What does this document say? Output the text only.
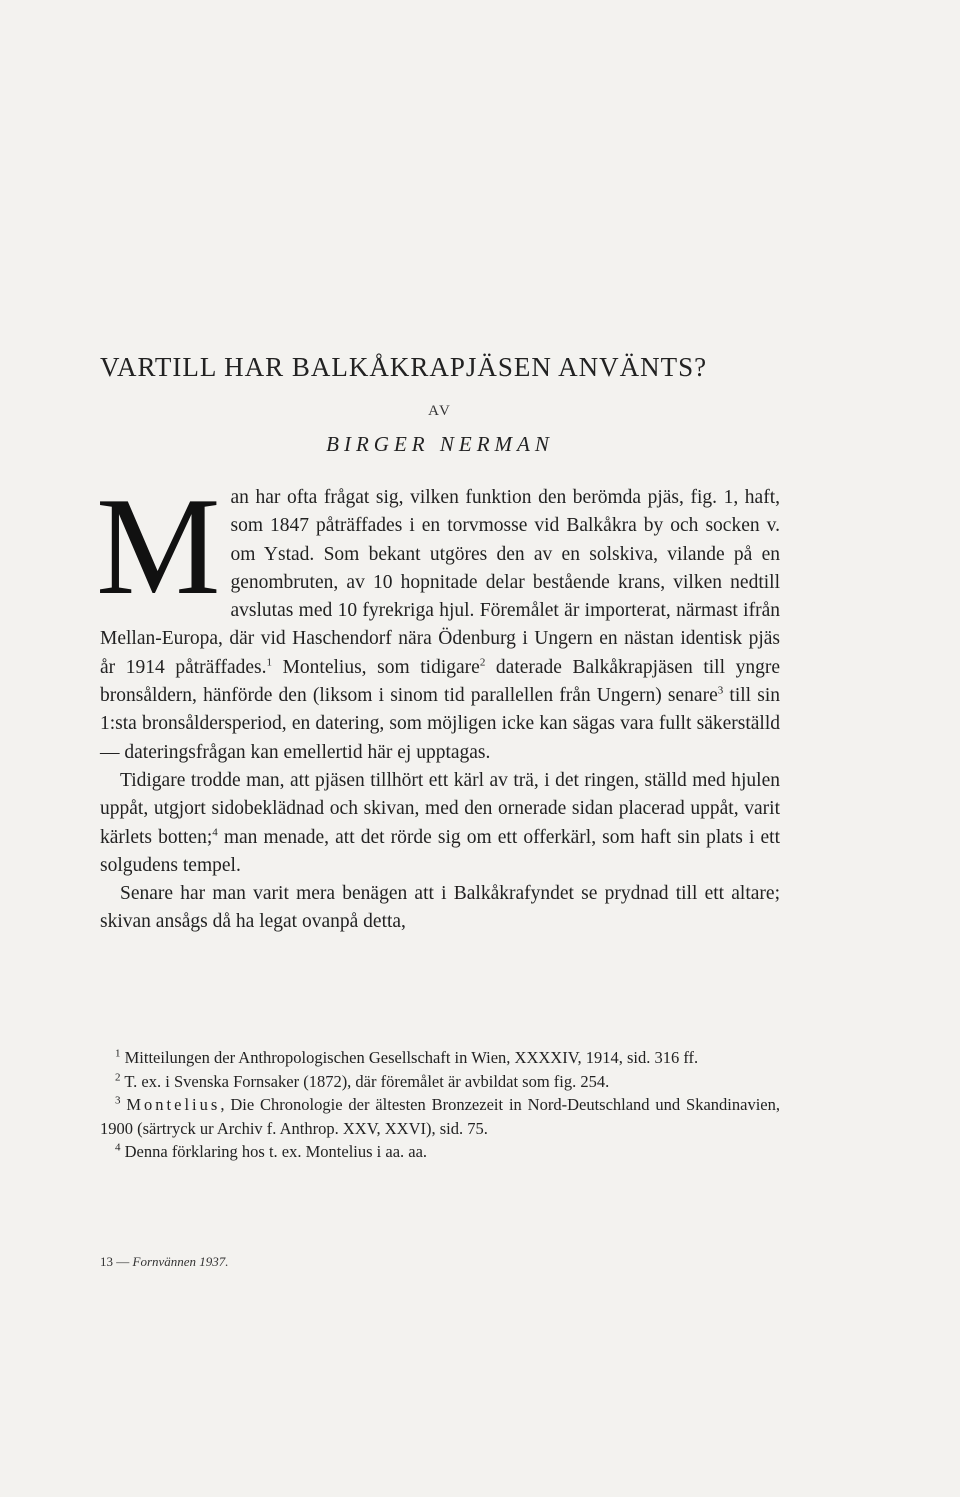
VARTILL HAR BALKÅKRAPJÄSEN ANVÄNTS?
AV
BIRGER NERMAN

Man har ofta frågat sig, vilken funktion den berömda pjäs, fig. 1, haft, som 1847 påträffades i en torvmosse vid Balkåkra by och socken v. om Ystad. Som bekant utgöres den av en solskiva, vilande på en genombruten, av 10 hopnitade delar bestående krans, vilken nedtill avslutas med 10 fyrekriga hjul. Föremålet är importerat, närmast ifrån Mellan-Europa, där vid Haschendorf nära Ödenburg i Ungern en nästan identisk pjäs år 1914 påträffades.$^1$ Montelius, som tidigare$^2$ daterade Balkåkrapjäsen till yngre bronsåldern, hänförde den (liksom i sinom tid parallellen från Ungern) senare$^3$ till sin 1:sta bronsåldersperiod, en datering, som möjligen icke kan sägas vara fullt säkerställd — dateringsfrågan kan emellertid här ej upptagas.

Tidigare trodde man, att pjäsen tillhört ett kärl av trä, i det ringen, ställd med hjulen uppåt, utgjort sidobeklädnad och skivan, med den ornerade sidan placerad uppåt, varit kärlets botten;$^4$ man menade, att det rörde sig om ett offerkärl, som haft sin plats i ett solgudens tempel.

Senare har man varit mera benägen att i Balkåkrafyndet se prydnad till ett altare; skivan ansågs då ha legat ovanpå detta,

$^1$ Mitteilungen der Anthropologischen Gesellschaft in Wien, XXXXIV, 1914, sid. 316 ff.

$^2$ T. ex. i Svenska Fornsaker (1872), där föremålet är avbildat som fig. 254.

$^3$ Montelius, Die Chronologie der ältesten Bronzezeit in Nord-Deutschland und Skandinavien, 1900 (särtryck ur Archiv f. Anthrop. XXV, XXVI), sid. 75.

$^4$ Denna förklaring hos t. ex. Montelius i aa. aa.

13 — Fornvännen 1937.
